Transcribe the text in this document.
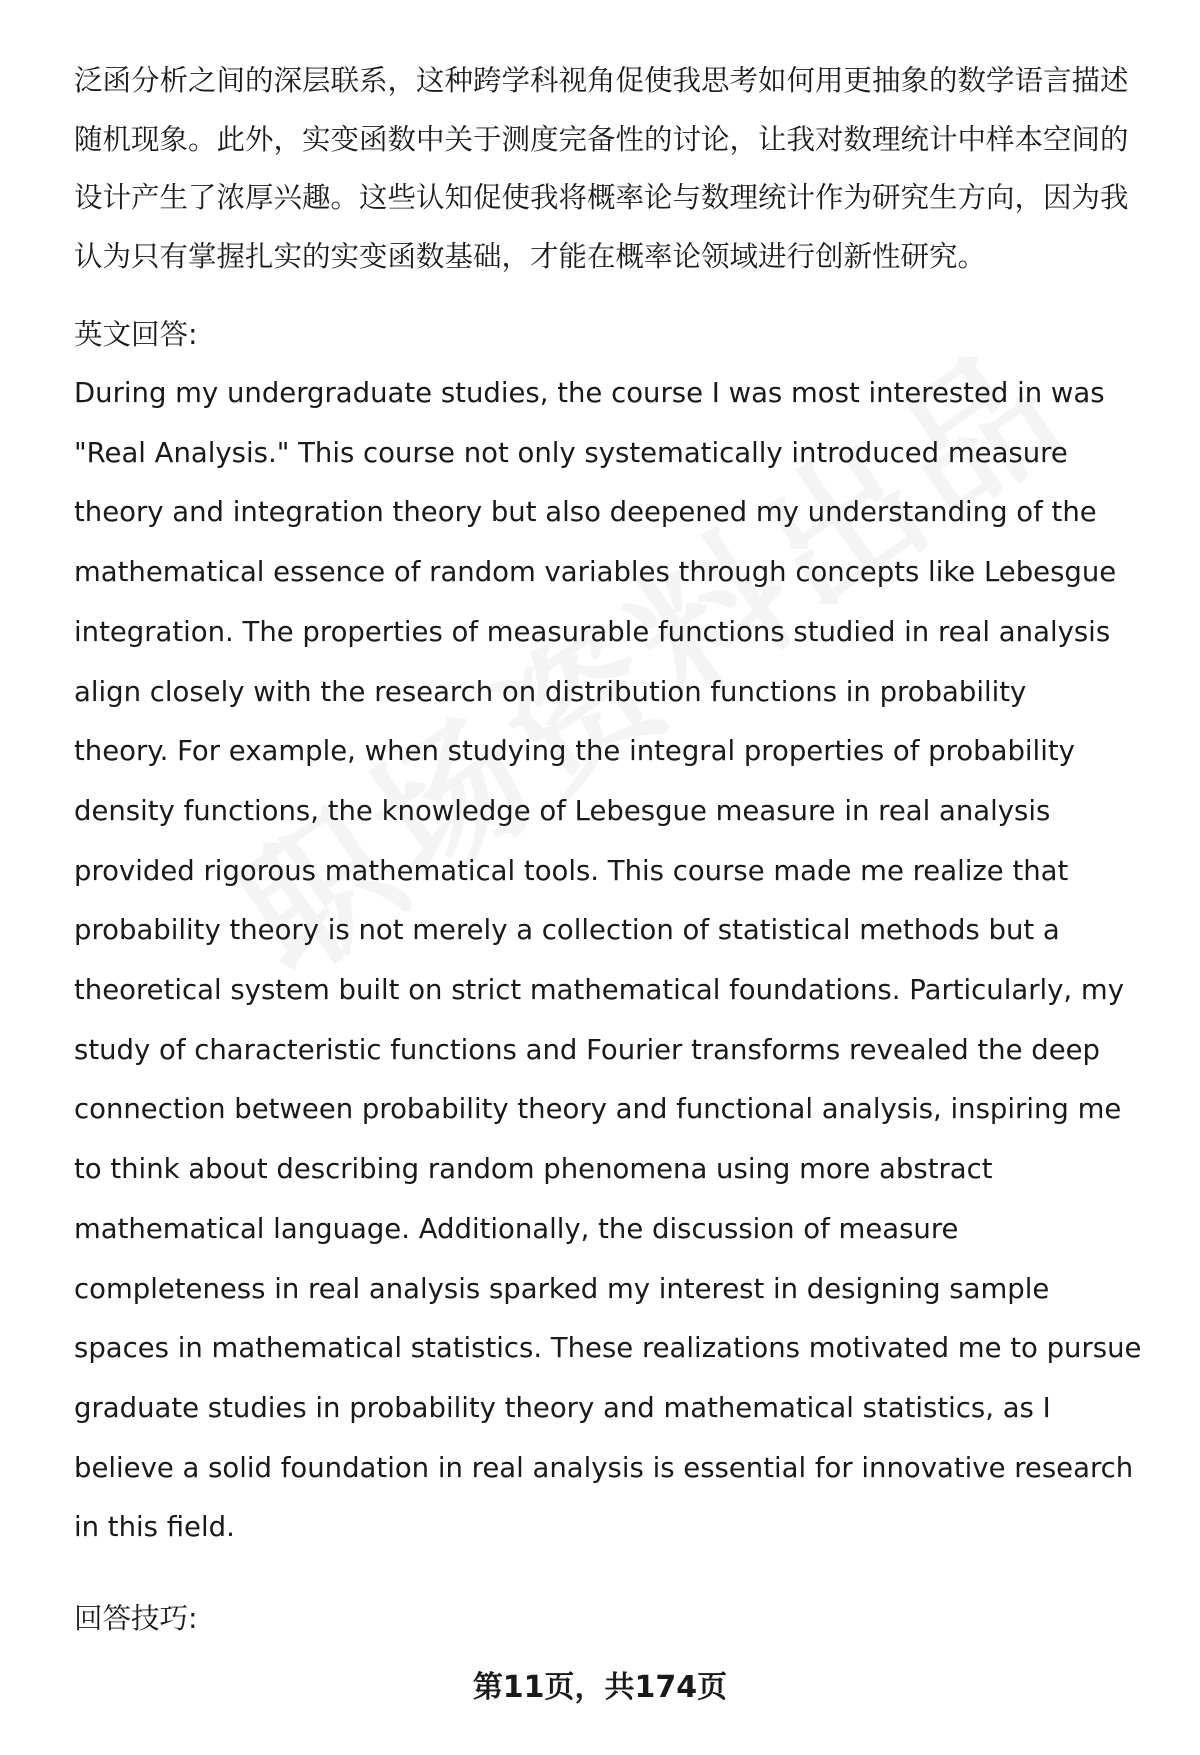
泛函分析之间的深层联系，这种跨学科视角促使我思考如何用更抽象的数学语言描述随机现象。此外，实变函数中关于测度完备性的讨论，让我对数理统计中样本空间的设计产生了浓厚兴趣。这些认知促使我将概率论与数理统计作为研究生方向，因为我认为只有掌握扎实的实变函数基础，才能在概率论领域进行创新性研究。

英文回答:

During my undergraduate studies, the course I was most interested in was
"Real Analysis." This course not only systematically introduced measure
theory and integration theory but also deepened my understanding of the
mathematical essence of random variables through concepts like Lebesgue
integration. The properties of measurable functions studied in real analysis
align closely with the research on distribution functions in probability
theory. For example, when studying the integral properties of probability
density functions, the knowledge of Lebesgue measure in real analysis
provided rigorous mathematical tools. This course made me realize that
probability theory is not merely a collection of statistical methods but a
theoretical system built on strict mathematical foundations. Particularly, my
study of characteristic functions and Fourier transforms revealed the deep
connection between probability theory and functional analysis, inspiring me
to think about describing random phenomena using more abstract
mathematical language. Additionally, the discussion of measure
completeness in real analysis sparked my interest in designing sample
spaces in mathematical statistics. These realizations motivated me to pursue
graduate studies in probability theory and mathematical statistics, as I
believe a solid foundation in real analysis is essential for innovative research
in this field.

回答技巧:

第11页，共174页
